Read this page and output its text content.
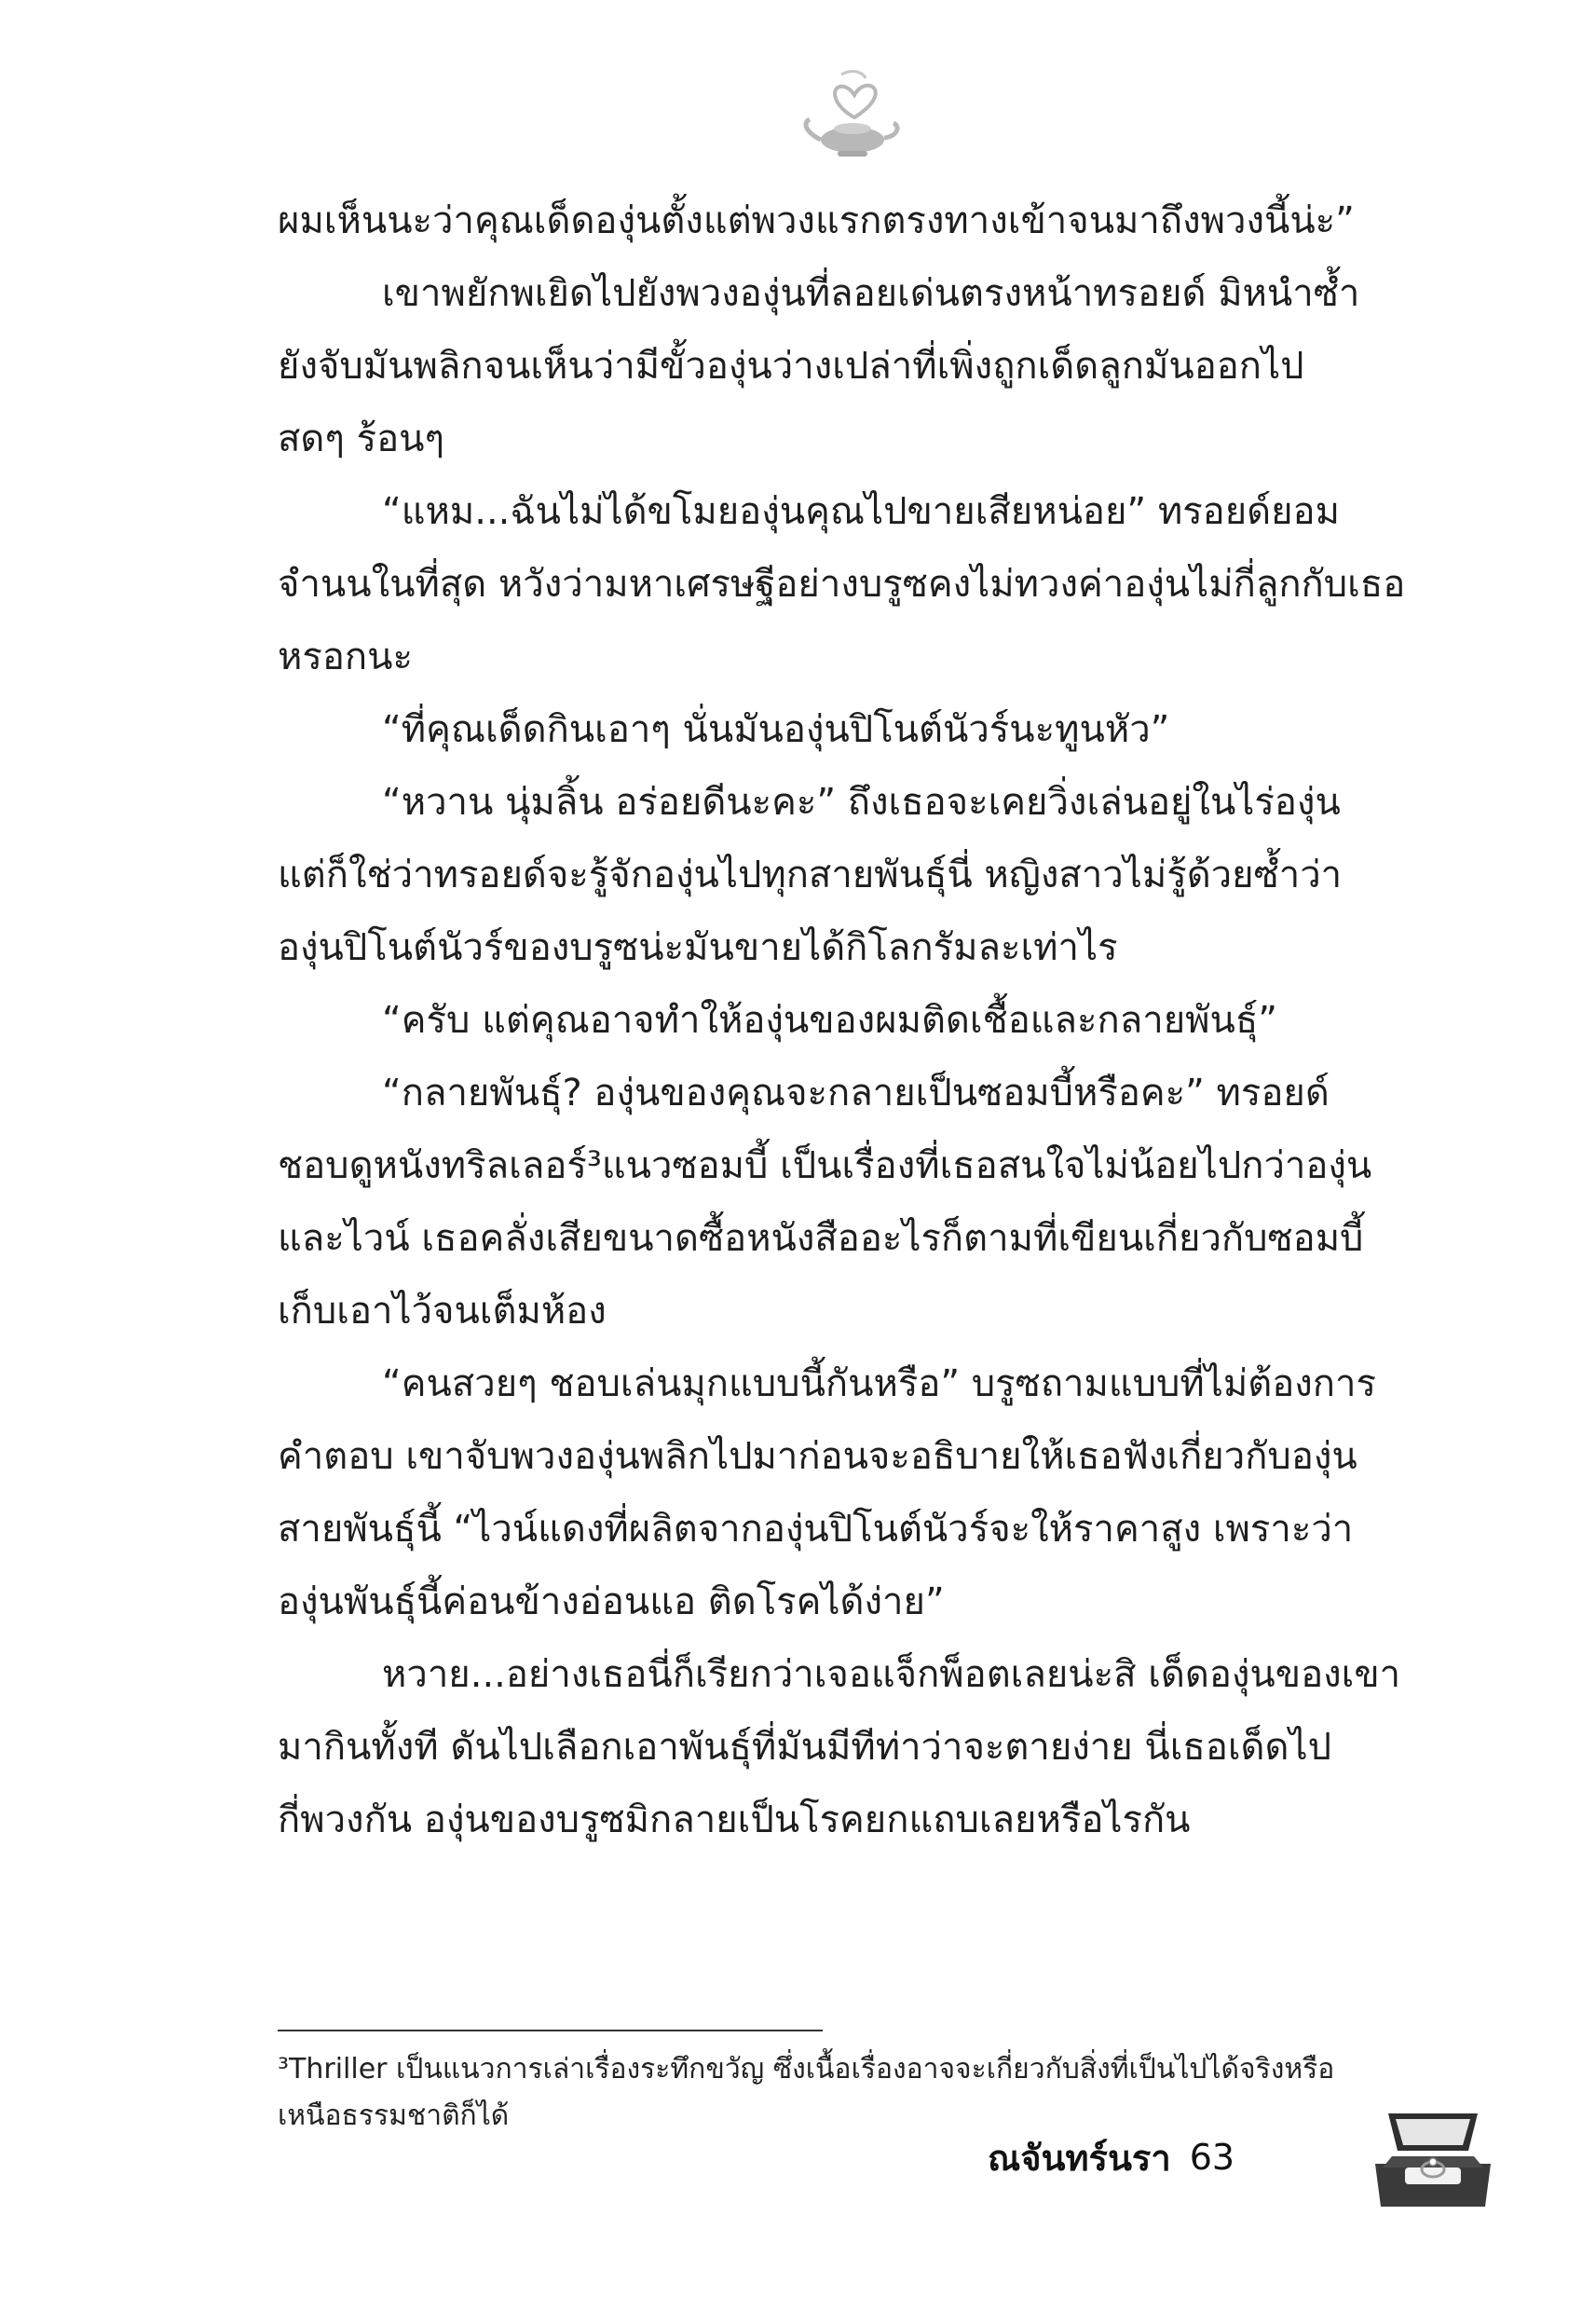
ผมเห็นนะว่าคุณเด็ดองุ่นตั้งแต่พวงแรกตรงทางเข้าจนมาถึงพวงนี้น่ะ”
เขาพยักพเยิดไปยังพวงองุ่นที่ลอยเด่นตรงหน้าทรอยด์ มิหนำซ้ำ
ยังจับมันพลิกจนเห็นว่ามีขั้วองุ่นว่างเปล่าที่เพิ่งถูกเด็ดลูกมันออกไป
สดๆ ร้อนๆ
“แหม...ฉันไม่ได้ขโมยองุ่นคุณไปขายเสียหน่อย” ทรอยด์ยอม
จำนนในที่สุด หวังว่ามหาเศรษฐีอย่างบรูซคงไม่ทวงค่าองุ่นไม่กี่ลูกกับเธอ
หรอกนะ
“ที่คุณเด็ดกินเอาๆ นั่นมันองุ่นปิโนต์นัวร์นะทูนหัว”
“หวาน นุ่มลิ้น อร่อยดีนะคะ” ถึงเธอจะเคยวิ่งเล่นอยู่ในไร่องุ่น
แต่ก็ใช่ว่าทรอยด์จะรู้จักองุ่นไปทุกสายพันธุ์นี่ หญิงสาวไม่รู้ด้วยซ้ำว่า
องุ่นปิโนต์นัวร์ของบรูซน่ะมันขายได้กิโลกรัมละเท่าไร
“ครับ แต่คุณอาจทำให้องุ่นของผมติดเชื้อและกลายพันธุ์”
“กลายพันธุ์? องุ่นของคุณจะกลายเป็นซอมบี้หรือคะ” ทรอยด์
ชอบดูหนังทริลเลอร์³แนวซอมบี้ เป็นเรื่องที่เธอสนใจไม่น้อยไปกว่าองุ่น
และไวน์ เธอคลั่งเสียขนาดซื้อหนังสืออะไรก็ตามที่เขียนเกี่ยวกับซอมบี้
เก็บเอาไว้จนเต็มห้อง
“คนสวยๆ ชอบเล่นมุกแบบนี้กันหรือ” บรูซถามแบบที่ไม่ต้องการ
คำตอบ เขาจับพวงองุ่นพลิกไปมาก่อนจะอธิบายให้เธอฟังเกี่ยวกับองุ่น
สายพันธุ์นี้ “ไวน์แดงที่ผลิตจากองุ่นปิโนต์นัวร์จะให้ราคาสูง เพราะว่า
องุ่นพันธุ์นี้ค่อนข้างอ่อนแอ ติดโรคได้ง่าย”
หวาย...อย่างเธอนี่ก็เรียกว่าเจอแจ็กพ็อตเลยน่ะสิ เด็ดองุ่นของเขา
มากินทั้งที ดันไปเลือกเอาพันธุ์ที่มันมีทีท่าว่าจะตายง่าย นี่เธอเด็ดไป
กี่พวงกัน องุ่นของบรูซมิกลายเป็นโรคยกแถบเลยหรือไรกัน
³Thriller เป็นแนวการเล่าเรื่องระทึกขวัญ ซึ่งเนื้อเรื่องอาจจะเกี่ยวกับสิ่งที่เป็นไปได้จริงหรือ
เหนือธรรมชาติก็ได้
ณจันทร์นรา 63
